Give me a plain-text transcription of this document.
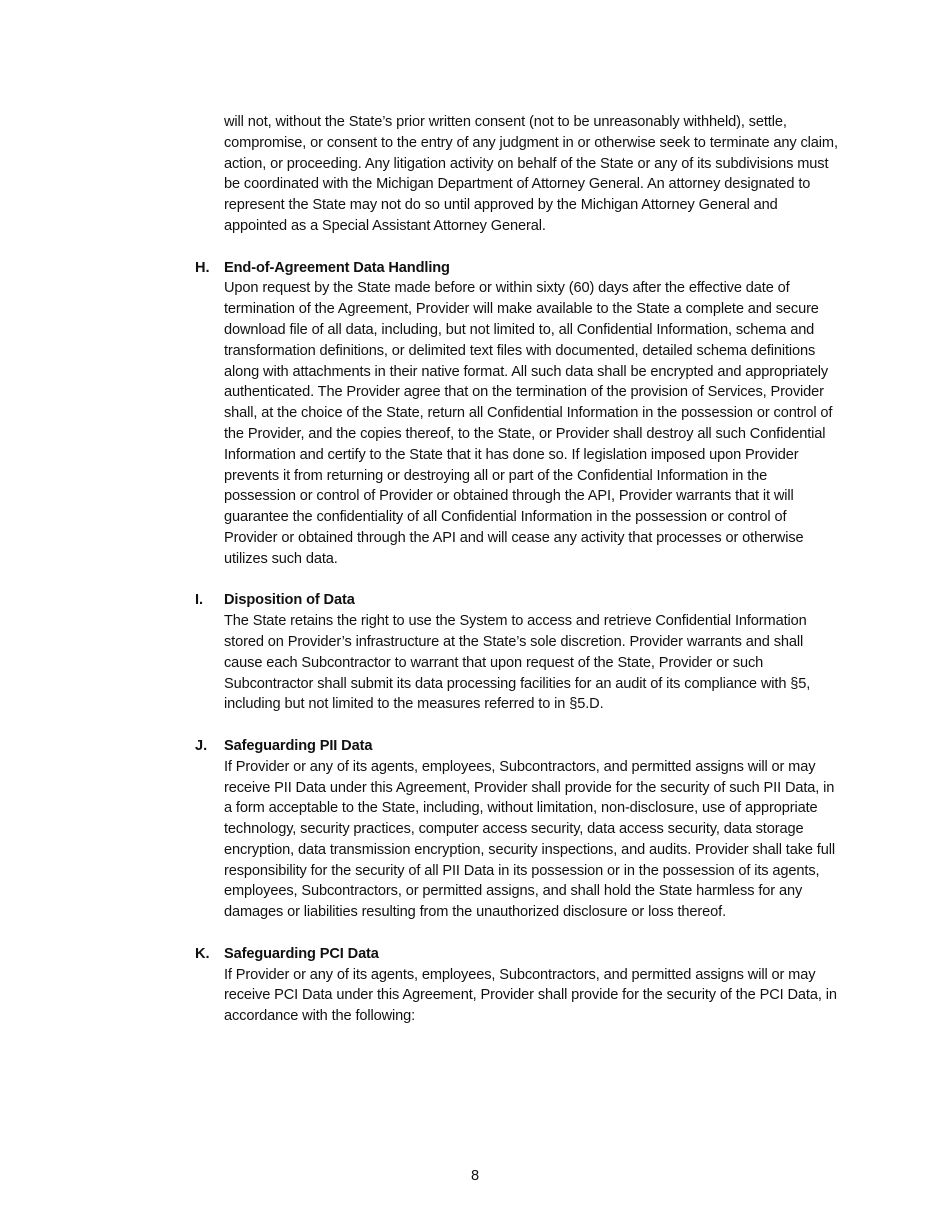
will not, without the State’s prior written consent (not to be unreasonably withheld), settle, compromise, or consent to the entry of any judgment in or otherwise seek to terminate any claim, action, or proceeding. Any litigation activity on behalf of the State or any of its subdivisions must be coordinated with the Michigan Department of Attorney General. An attorney designated to represent the State may not do so until approved by the Michigan Attorney General and appointed as a Special Assistant Attorney General.

H. End-of-Agreement Data Handling

Upon request by the State made before or within sixty (60) days after the effective date of termination of the Agreement, Provider will make available to the State a complete and secure download file of all data, including, but not limited to, all Confidential Information, schema and transformation definitions, or delimited text files with documented, detailed schema definitions along with attachments in their native format. All such data shall be encrypted and appropriately authenticated. The Provider agree that on the termination of the provision of Services, Provider shall, at the choice of the State, return all Confidential Information in the possession or control of the Provider, and the copies thereof, to the State, or Provider shall destroy all such Confidential Information and certify to the State that it has done so. If legislation imposed upon Provider prevents it from returning or destroying all or part of the Confidential Information in the possession or control of Provider or obtained through the API, Provider warrants that it will guarantee the confidentiality of all Confidential Information in the possession or control of Provider or obtained through the API and will cease any activity that processes or otherwise utilizes such data.

I. Disposition of Data

The State retains the right to use the System to access and retrieve Confidential Information stored on Provider’s infrastructure at the State’s sole discretion. Provider warrants and shall cause each Subcontractor to warrant that upon request of the State, Provider or such Subcontractor shall submit its data processing facilities for an audit of its compliance with §5, including but not limited to the measures referred to in §5.D.

J. Safeguarding PII Data

If Provider or any of its agents, employees, Subcontractors, and permitted assigns will or may receive PII Data under this Agreement, Provider shall provide for the security of such PII Data, in a form acceptable to the State, including, without limitation, non-disclosure, use of appropriate technology, security practices, computer access security, data access security, data storage encryption, data transmission encryption, security inspections, and audits. Provider shall take full responsibility for the security of all PII Data in its possession or in the possession of its agents, employees, Subcontractors, or permitted assigns, and shall hold the State harmless for any damages or liabilities resulting from the unauthorized disclosure or loss thereof.

K. Safeguarding PCI Data

If Provider or any of its agents, employees, Subcontractors, and permitted assigns will or may receive PCI Data under this Agreement, Provider shall provide for the security of the PCI Data, in accordance with the following:

8
